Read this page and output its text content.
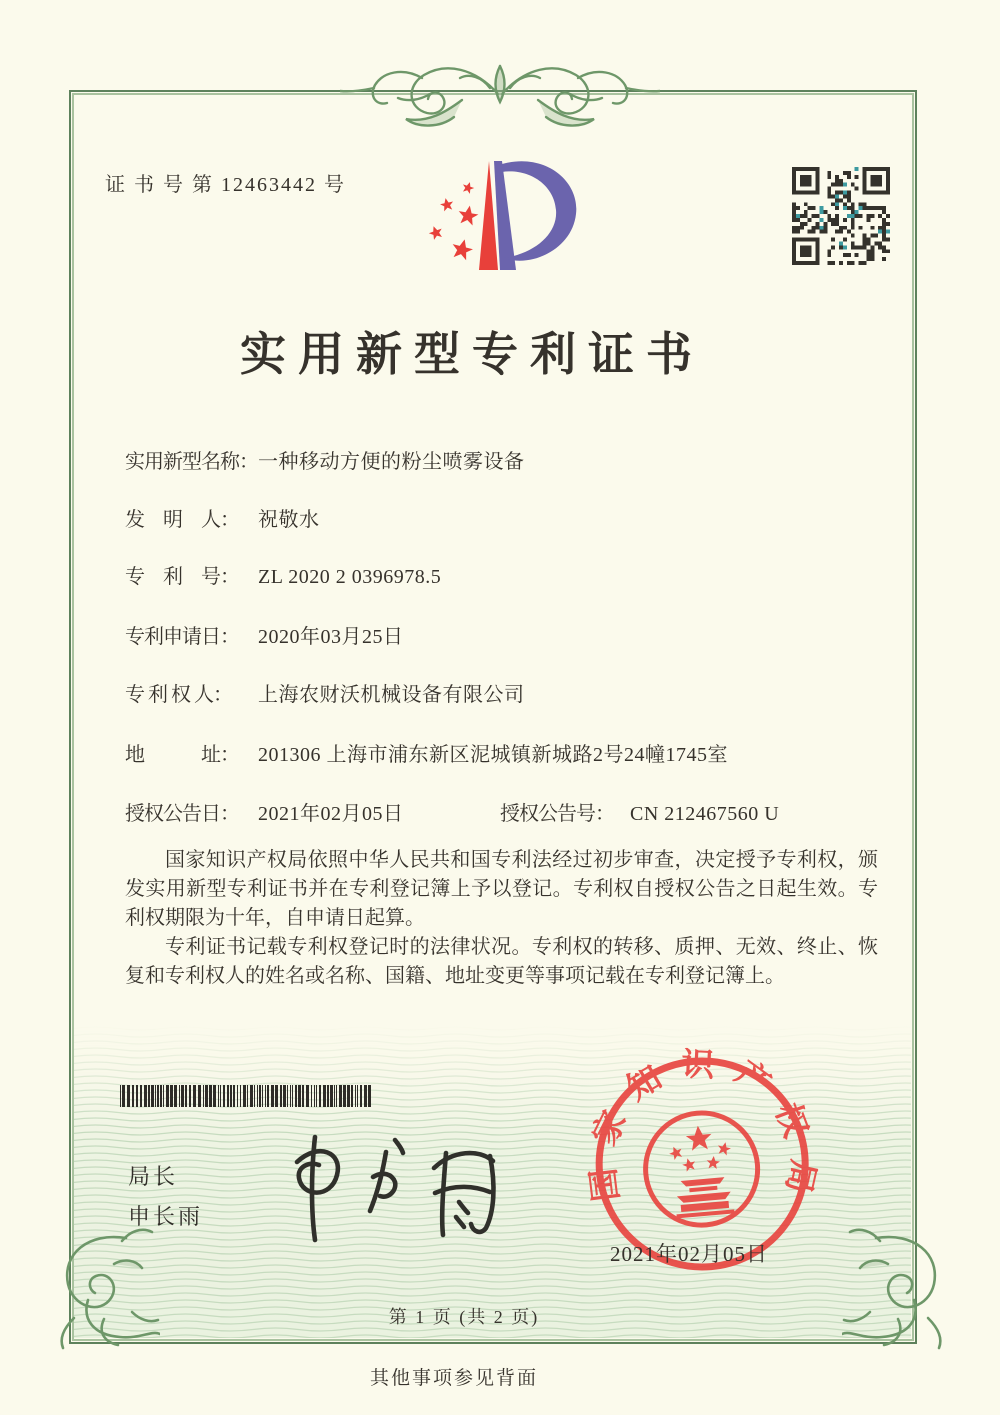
证 书 号 第 12463442 号
实用新型专利证书
实用新型名称：一种移动方便的粉尘喷雾设备
发　明　人： 祝敬水
专　利　号： ZL 2020 2 0396978.5
专利申请日： 2020年03月25日
专 利 权 人： 上海农财沃机械设备有限公司
地　　　址： 201306 上海市浦东新区泥城镇新城路2号24幢1745室
授权公告日： 2021年02月05日	授权公告号： CN 212467560 U

国家知识产权局依照中华人民共和国专利法经过初步审查，决定授予专利权，颁发实用新型专利证书并在专利登记簿上予以登记。专利权自授权公告之日起生效。专利权期限为十年，自申请日起算。

专利证书记载专利权登记时的法律状况。专利权的转移、质押、无效、终止、恢复和专利权人的姓名或名称、国籍、地址变更等事项记载在专利登记簿上。

局长
申长雨
国家知识产权局
2021年02月05日
第 1 页 (共 2 页)
其他事项参见背面
